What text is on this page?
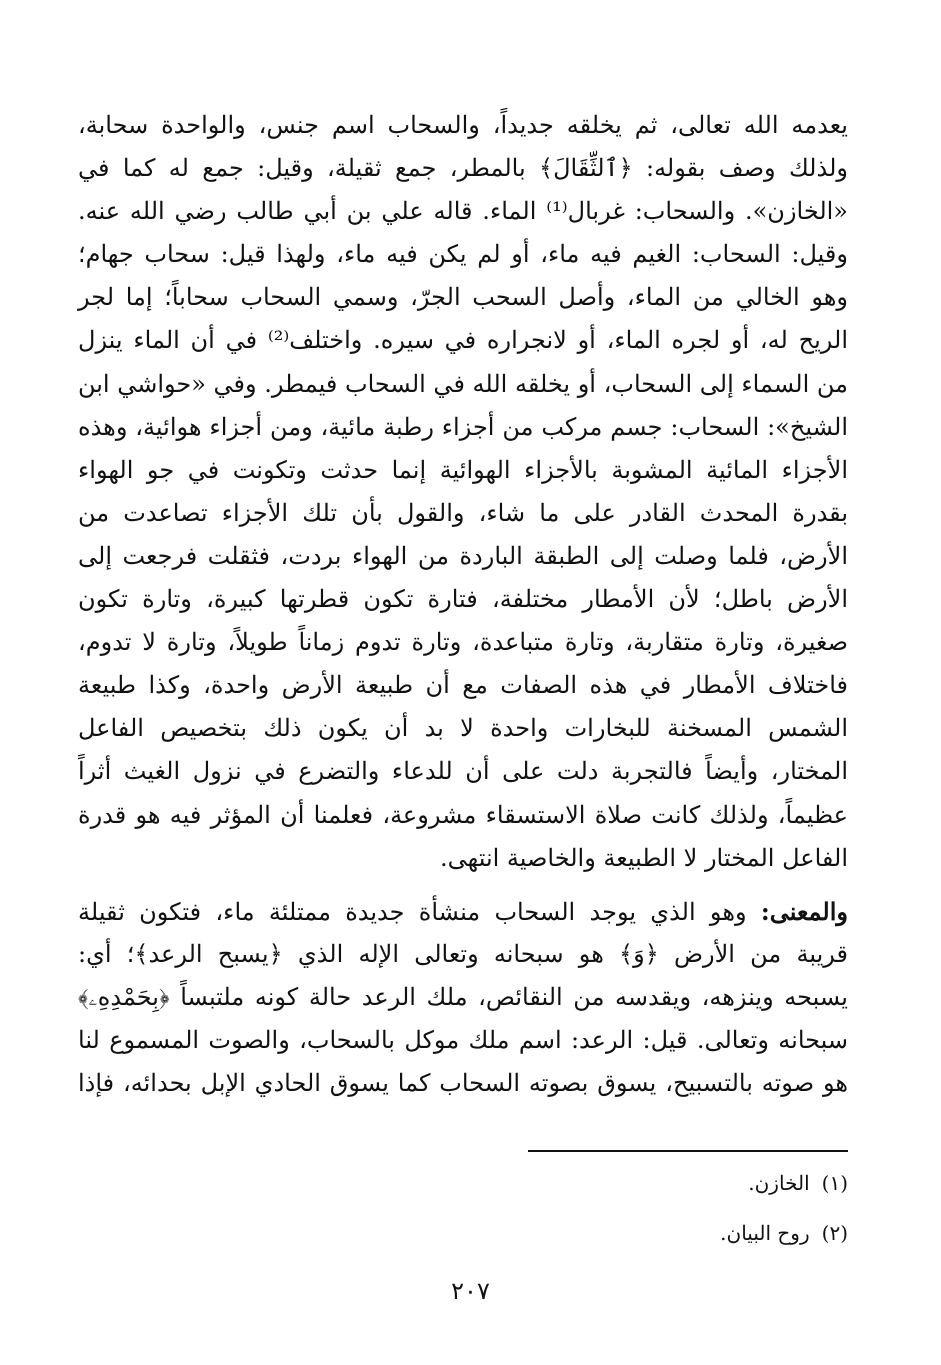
يعدمه الله تعالى، ثم يخلقه جديداً، والسحاب اسم جنس، والواحدة سحابة،
ولذلك وصف بقوله: ﴿ٱلثِّقَالَ﴾ بالمطر، جمع ثقيلة، وقيل: جمع له كما في
«الخازن». والسحاب: غربال⁽¹⁾ الماء. قاله علي بن أبي طالب رضي الله عنه.
وقيل: السحاب: الغيم فيه ماء، أو لم يكن فيه ماء، ولهذا قيل: سحاب جهام؛
وهو الخالي من الماء، وأصل السحب الجرّ، وسمي السحاب سحاباً؛ إما لجر
الريح له، أو لجره الماء، أو لانجراره في سيره. واختلف⁽²⁾ في أن الماء ينزل
من السماء إلى السحاب، أو يخلقه الله في السحاب فيمطر. وفي «حواشي ابن
الشيخ»: السحاب: جسم مركب من أجزاء رطبة مائية، ومن أجزاء هوائية، وهذه
الأجزاء المائية المشوبة بالأجزاء الهوائية إنما حدثت وتكونت في جو الهواء
بقدرة المحدث القادر على ما شاء، والقول بأن تلك الأجزاء تصاعدت من
الأرض، فلما وصلت إلى الطبقة الباردة من الهواء بردت، فثقلت فرجعت إلى
الأرض باطل؛ لأن الأمطار مختلفة، فتارة تكون قطرتها كبيرة، وتارة تكون
صغيرة، وتارة متقاربة، وتارة متباعدة، وتارة تدوم زماناً طويلاً، وتارة لا تدوم،
فاختلاف الأمطار في هذه الصفات مع أن طبيعة الأرض واحدة، وكذا طبيعة
الشمس المسخنة للبخارات واحدة لا بد أن يكون ذلك بتخصيص الفاعل
المختار، وأيضاً فالتجربة دلت على أن للدعاء والتضرع في نزول الغيث أثراً
عظيماً، ولذلك كانت صلاة الاستسقاء مشروعة، فعلمنا أن المؤثر فيه هو قدرة
الفاعل المختار لا الطبيعة والخاصية انتهى.
والمعنى: وهو الذي يوجد السحاب منشأة جديدة ممتلئة ماء، فتكون ثقيلة
قريبة من الأرض ﴿وَ﴾ هو سبحانه وتعالى الإله الذي ﴿يسبح الرعد﴾؛ أي:
يسبحه وينزهه، ويقدسه من النقائص، ملك الرعد حالة كونه ملتبساً ﴿بِحَمْدِهِۦ﴾
سبحانه وتعالى. قيل: الرعد: اسم ملك موكل بالسحاب، والصوت المسموع لنا
هو صوته بالتسبيح، يسوق بصوته السحاب كما يسوق الحادي الإبل بحدائه، فإذا
(١)الخازن.
(٢)روح البيان.
٢٠٧
